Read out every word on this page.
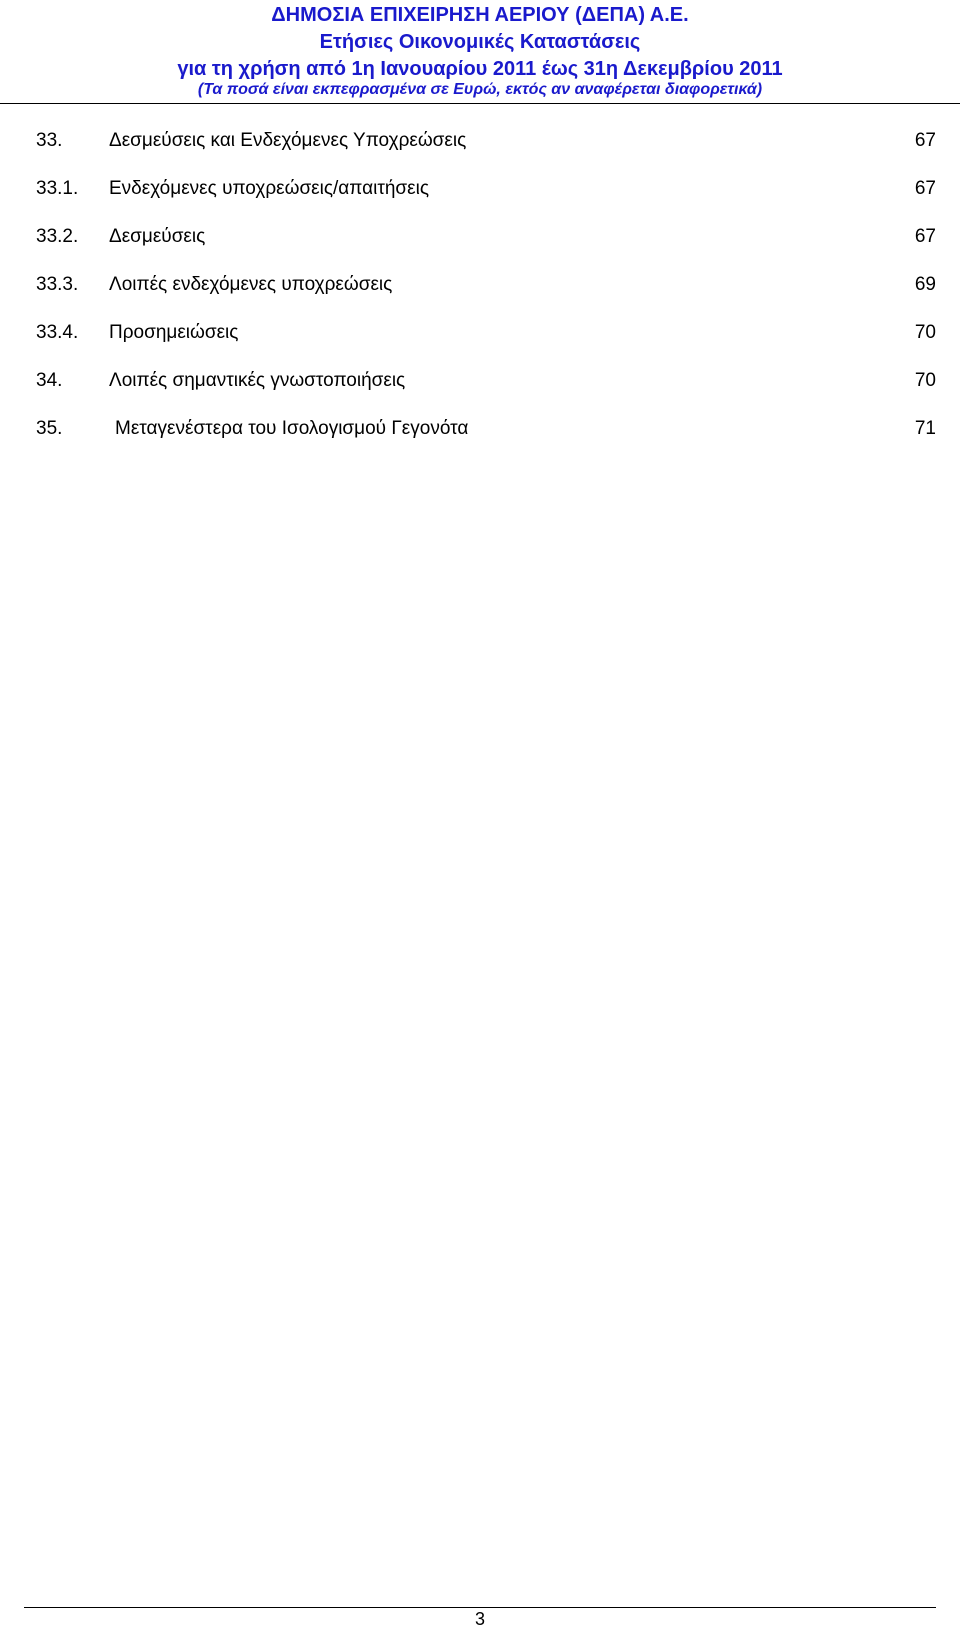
ΔΗΜΟΣΙΑ ΕΠΙΧΕΙΡΗΣΗ ΑΕΡΙΟΥ (ΔΕΠΑ) Α.Ε.
Ετήσιες Οικονομικές Καταστάσεις
για τη χρήση από 1η Ιανουαρίου 2011 έως 31η Δεκεμβρίου 2011
(Τα ποσά είναι εκπεφρασμένα σε Ευρώ, εκτός αν αναφέρεται διαφορετικά)
33. Δεσμεύσεις και Ενδεχόμενες Υποχρεώσεις	67
33.1. Ενδεχόμενες υποχρεώσεις/απαιτήσεις	67
33.2. Δεσμεύσεις	67
33.3. Λοιπές ενδεχόμενες υποχρεώσεις	69
33.4. Προσημειώσεις	70
34. Λοιπές σημαντικές γνωστοποιήσεις	70
35.	Μεταγενέστερα του Ισολογισμού Γεγονότα	71
3
